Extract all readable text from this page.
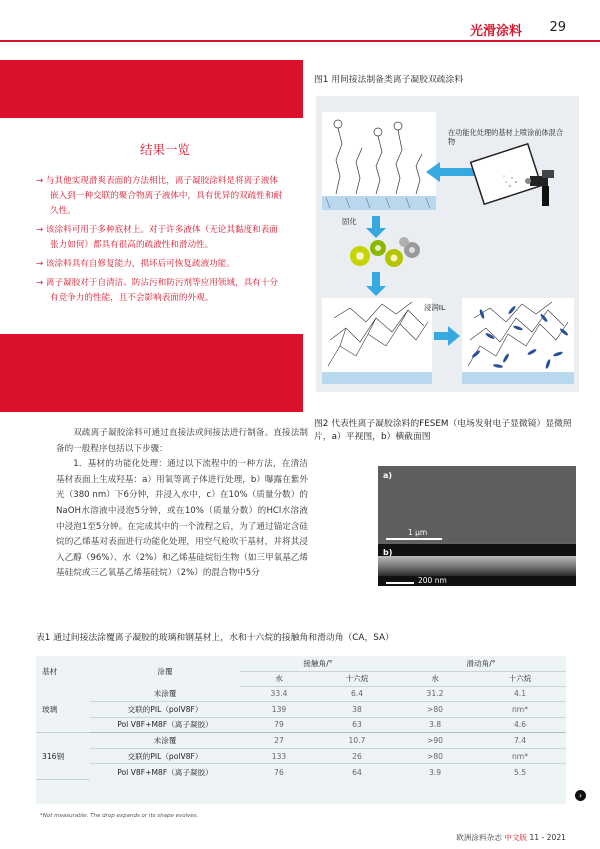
光滑涂料 29
结果一览
→ 与其他实现滑爽表面的方法相比，离子凝胶涂料是将离子液体嵌入到一种交联的聚合物离子液体中，具有优异的双疏性和耐久性。
→ 该涂料可用于多种底材上。对于许多液体（无论其黏度和表面张力如何）都具有很高的疏液性和滑动性。
→ 该涂料具有自修复能力，损坏后可恢复疏液功能。
→ 离子凝胶对于自清洁、防沾污和防污剂等应用领域，具有十分有竞争力的性能，且不会影响表面的外观。
图1 用间接法制备类离子凝胶双疏涂料
在功能化处理的基材上喷涂前体混合物
固化
浸润IL

双疏离子凝胶涂料可通过直接法或间接法进行制备。直接法制备的一般程序包括以下步骤：

1．基材的功能化处理：通过以下流程中的一种方法，在清洁基材表面上生成羟基：a）用氧等离子体进行处理，b）曝露在紫外光（380 nm）下6分钟，并浸入水中，c）在10%（质量分数）的NaOH水溶液中浸泡5分钟，或在10%（质量分数）的HCl水溶液中浸泡1至5分钟。在完成其中的一个流程之后，为了通过锚定含硅烷的乙烯基对表面进行功能化处理，用空气枪吹干基材，并将其浸入乙醇（96%）、水（2%）和乙烯基硅烷衍生物（如三甲氧基乙烯基硅烷或三乙氧基乙烯基硅烷）（2%）的混合物中5分

图2 代表性离子凝胶涂料的FESEM（电场发射电子显微镜）显微照片，a）平视图，b）横截面图
a)
1 μm
b)
200 nm
表1 通过间接法涂覆离子凝胶的玻璃和钢基材上，水和十六烷的接触角和滑动角（CA，SA）
基材	涂覆	接触角/°		滑动角/°	
		水	十六烷	水	十六烷
玻璃	未涂覆	33.4	6.4	31.2	4.1
	交联的PIL（polV8F）	139	38	>80	nm*
	Pol V8F+M8F（离子凝胶）	79	63	3.8	4.6
316钢	未涂覆	27	10.7	>90	7.4
	交联的PIL（polV8F）	133	26	>80	nm*
	Pol V8F+M8F（离子凝胶）	76	64	3.9	5.5
›
*Not measurable. The drop expands or its shape evolves.
欧洲涂料杂志 中文版 11 - 2021
